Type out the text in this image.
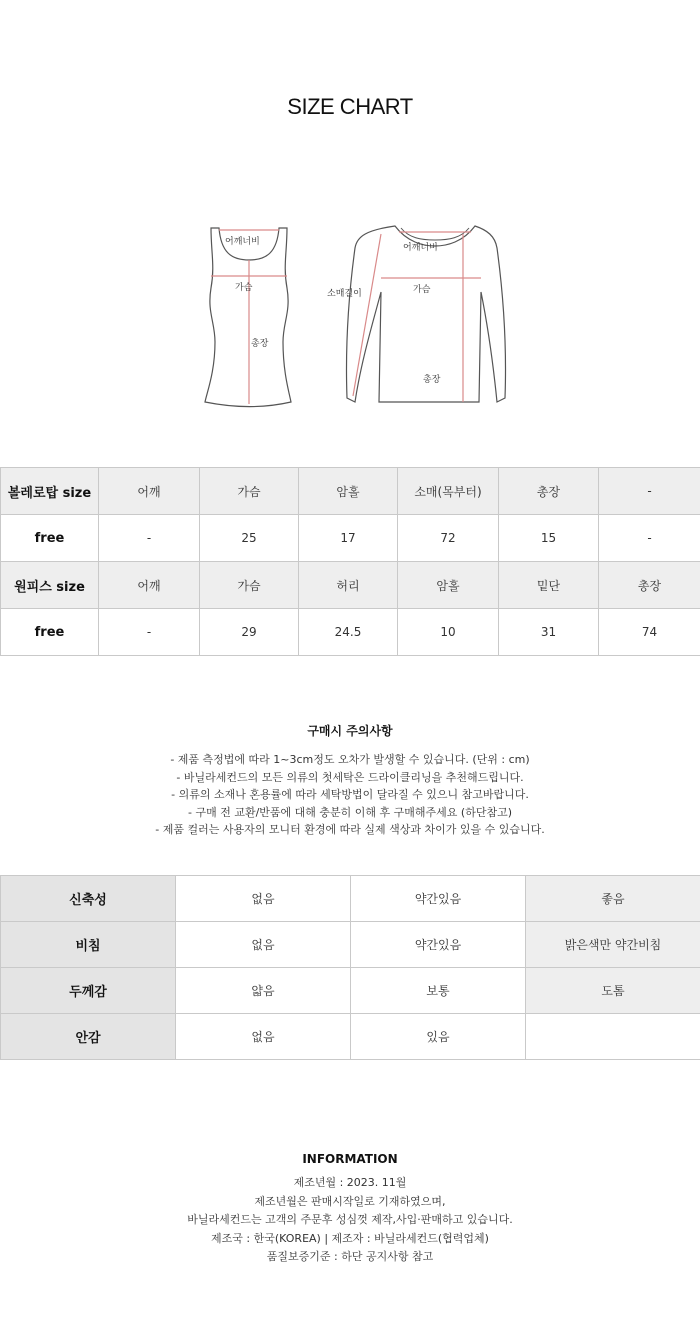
SIZE CHART
어깨너비
가슴
총장
어깨너비
소매길이	가슴
총장
볼레로탑 size	어깨	가슴	암홀	소매(목부터)	총장	-
free	-	25	17	72	15	-
원피스 size	어깨	가슴	허리	암홀	밑단	총장
free	-	29	24.5	10	31	74
구매시 주의사항
- 제품 측정법에 따라 1~3cm정도 오차가 발생할 수 있습니다. (단위 : cm)
- 바닐라세컨드의 모든 의류의 첫세탁은 드라이클리닝을 추천해드립니다.
- 의류의 소재나 혼용률에 따라 세탁방법이 달라질 수 있으니 참고바랍니다.
- 구매 전 교환/반품에 대해 충분히 이해 후 구매해주세요 (하단참고)
- 제품 컬러는 사용자의 모니터 환경에 따라 실제 색상과 차이가 있을 수 있습니다.
신축성	없음	약간있음	좋음
비침	없음	약간있음	밝은색만 약간비침
두께감	얇음	보통	도톰
안감	없음	있음	
INFORMATION
제조년월 : 2023. 11월
제조년월은 판매시작일로 기재하였으며,
바닐라세컨드는 고객의 주문후 성심껏 제작,사입·판매하고 있습니다.
제조국 : 한국(KOREA) | 제조자 : 바닐라세컨드(협력업체)
품질보증기준 : 하단 공지사항 참고
